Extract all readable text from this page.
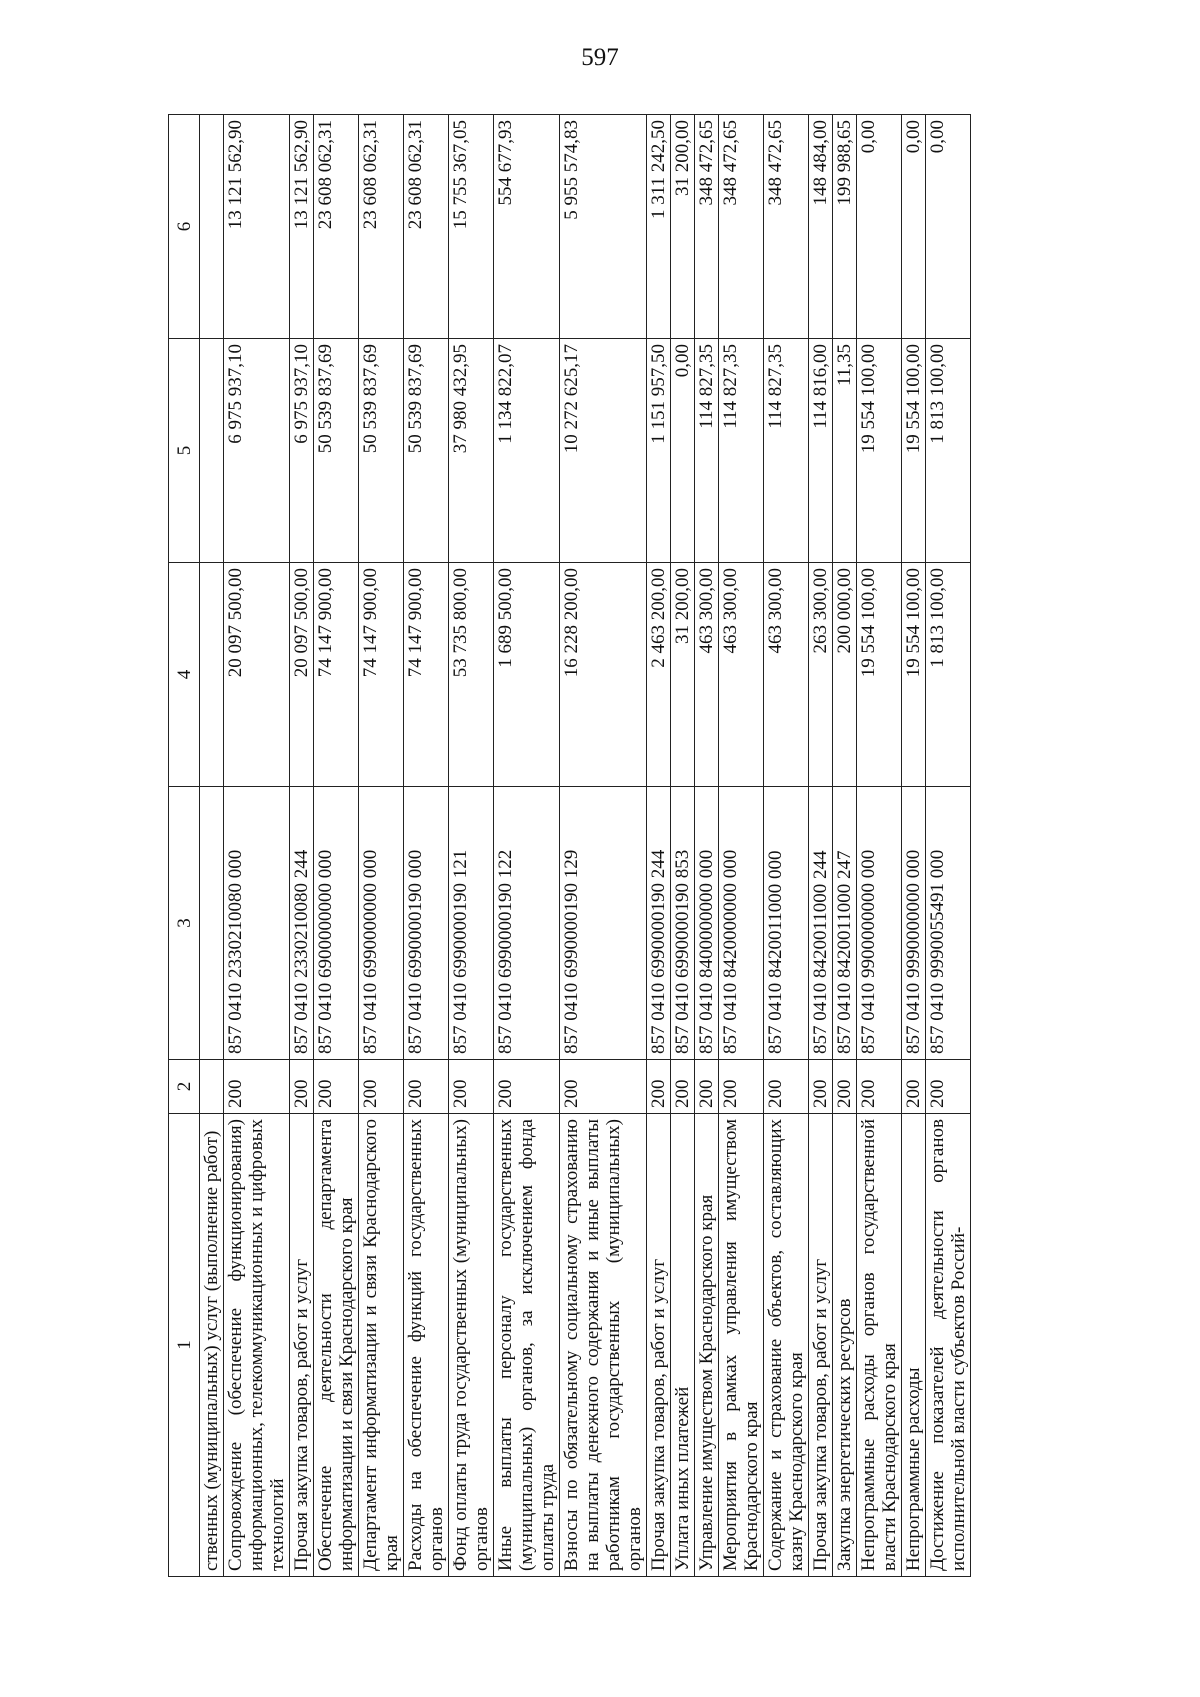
597
1	2	3	4	5	6
ственных (муниципальных) услуг (выполнение работ)					
Сопровождение (обеспечение функционирования) информационных, телекоммуникационных и цифровых технологий	200	857 0410 2330210080 000	20 097 500,00	6 975 937,10	13 121 562,90
Прочая закупка товаров, работ и услуг	200	857 0410 2330210080 244	20 097 500,00	6 975 937,10	13 121 562,90
Обеспечение деятельности департамента информатизации и связи Краснодарского края	200	857 0410 6900000000 000	74 147 900,00	50 539 837,69	23 608 062,31
Департамент информатизации и связи Краснодарского края	200	857 0410 6990000000 000	74 147 900,00	50 539 837,69	23 608 062,31
Расходы на обеспечение функций государственных органов	200	857 0410 6990000190 000	74 147 900,00	50 539 837,69	23 608 062,31
Фонд оплаты труда государственных (муниципальных) органов	200	857 0410 6990000190 121	53 735 800,00	37 980 432,95	15 755 367,05
Иные выплаты персоналу государственных (муниципальных) органов, за исключением фонда оплаты труда	200	857 0410 6990000190 122	1 689 500,00	1 134 822,07	554 677,93
Взносы по обязательному социальному страхованию на выплаты денежного содержания и иные выплаты работникам государственных (муниципальных) органов	200	857 0410 6990000190 129	16 228 200,00	10 272 625,17	5 955 574,83
Прочая закупка товаров, работ и услуг	200	857 0410 6990000190 244	2 463 200,00	1 151 957,50	1 311 242,50
Уплата иных платежей	200	857 0410 6990000190 853	31 200,00	0,00	31 200,00
Управление имуществом Краснодарского края	200	857 0410 8400000000 000	463 300,00	114 827,35	348 472,65
Мероприятия в рамках управления имуществом Краснодарского края	200	857 0410 8420000000 000	463 300,00	114 827,35	348 472,65
Содержание и страхование объектов, составляющих казну Краснодарского края	200	857 0410 8420011000 000	463 300,00	114 827,35	348 472,65
Прочая закупка товаров, работ и услуг	200	857 0410 8420011000 244	263 300,00	114 816,00	148 484,00
Закупка энергетических ресурсов	200	857 0410 8420011000 247	200 000,00	11,35	199 988,65
Непрограммные расходы органов государственной власти Краснодарского края	200	857 0410 9900000000 000	19 554 100,00	19 554 100,00	0,00
Непрограммные расходы	200	857 0410 9990000000 000	19 554 100,00	19 554 100,00	0,00
Достижение показателей деятельности органов исполнительной власти субъектов Россий-	200	857 0410 9990055491 000	1 813 100,00	1 813 100,00	0,00
